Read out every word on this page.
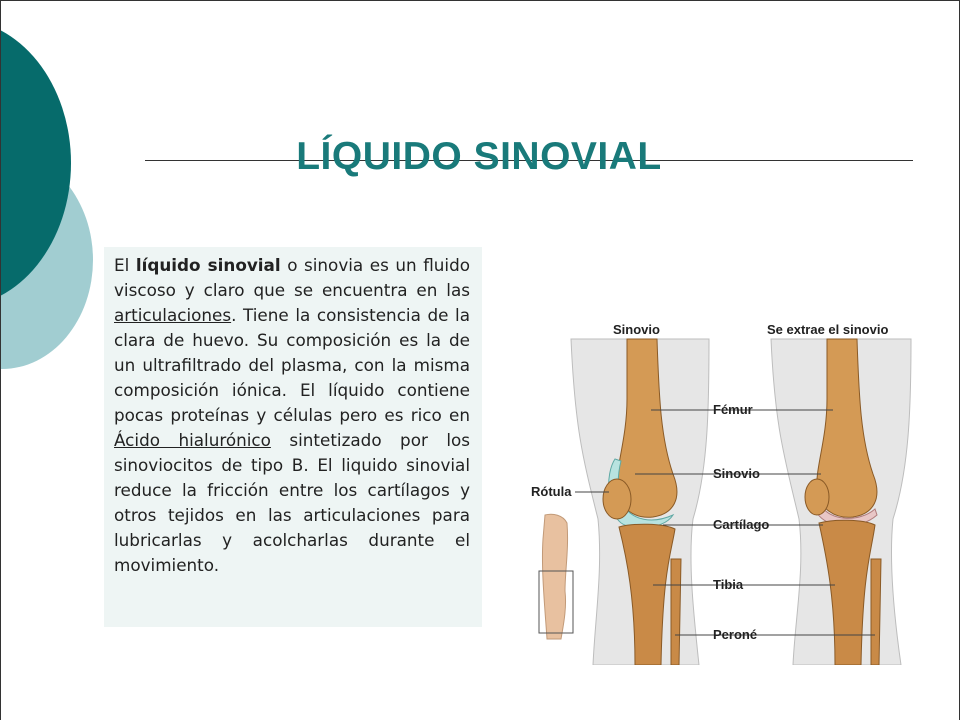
LÍQUIDO SINOVIAL

El líquido sinovial o sinovia es un fluido viscoso y claro que se encuentra en las articulaciones. Tiene la consistencia de la clara de huevo. Su composición es la de un ultrafiltrado del plasma, con la misma composición iónica. El líquido contiene pocas proteínas y células pero es rico en Ácido hialurónico sintetizado por los sinoviocitos de tipo B. El liquido sinovial reduce la fricción entre los cartílagos y otros tejidos en las articulaciones para lubricarlas y acolcharlas durante el movimiento.

Sinovio	Se extrae el sinovio
Fémur
Sinovio
Cartílago
Tibia
Peroné
Rótula
